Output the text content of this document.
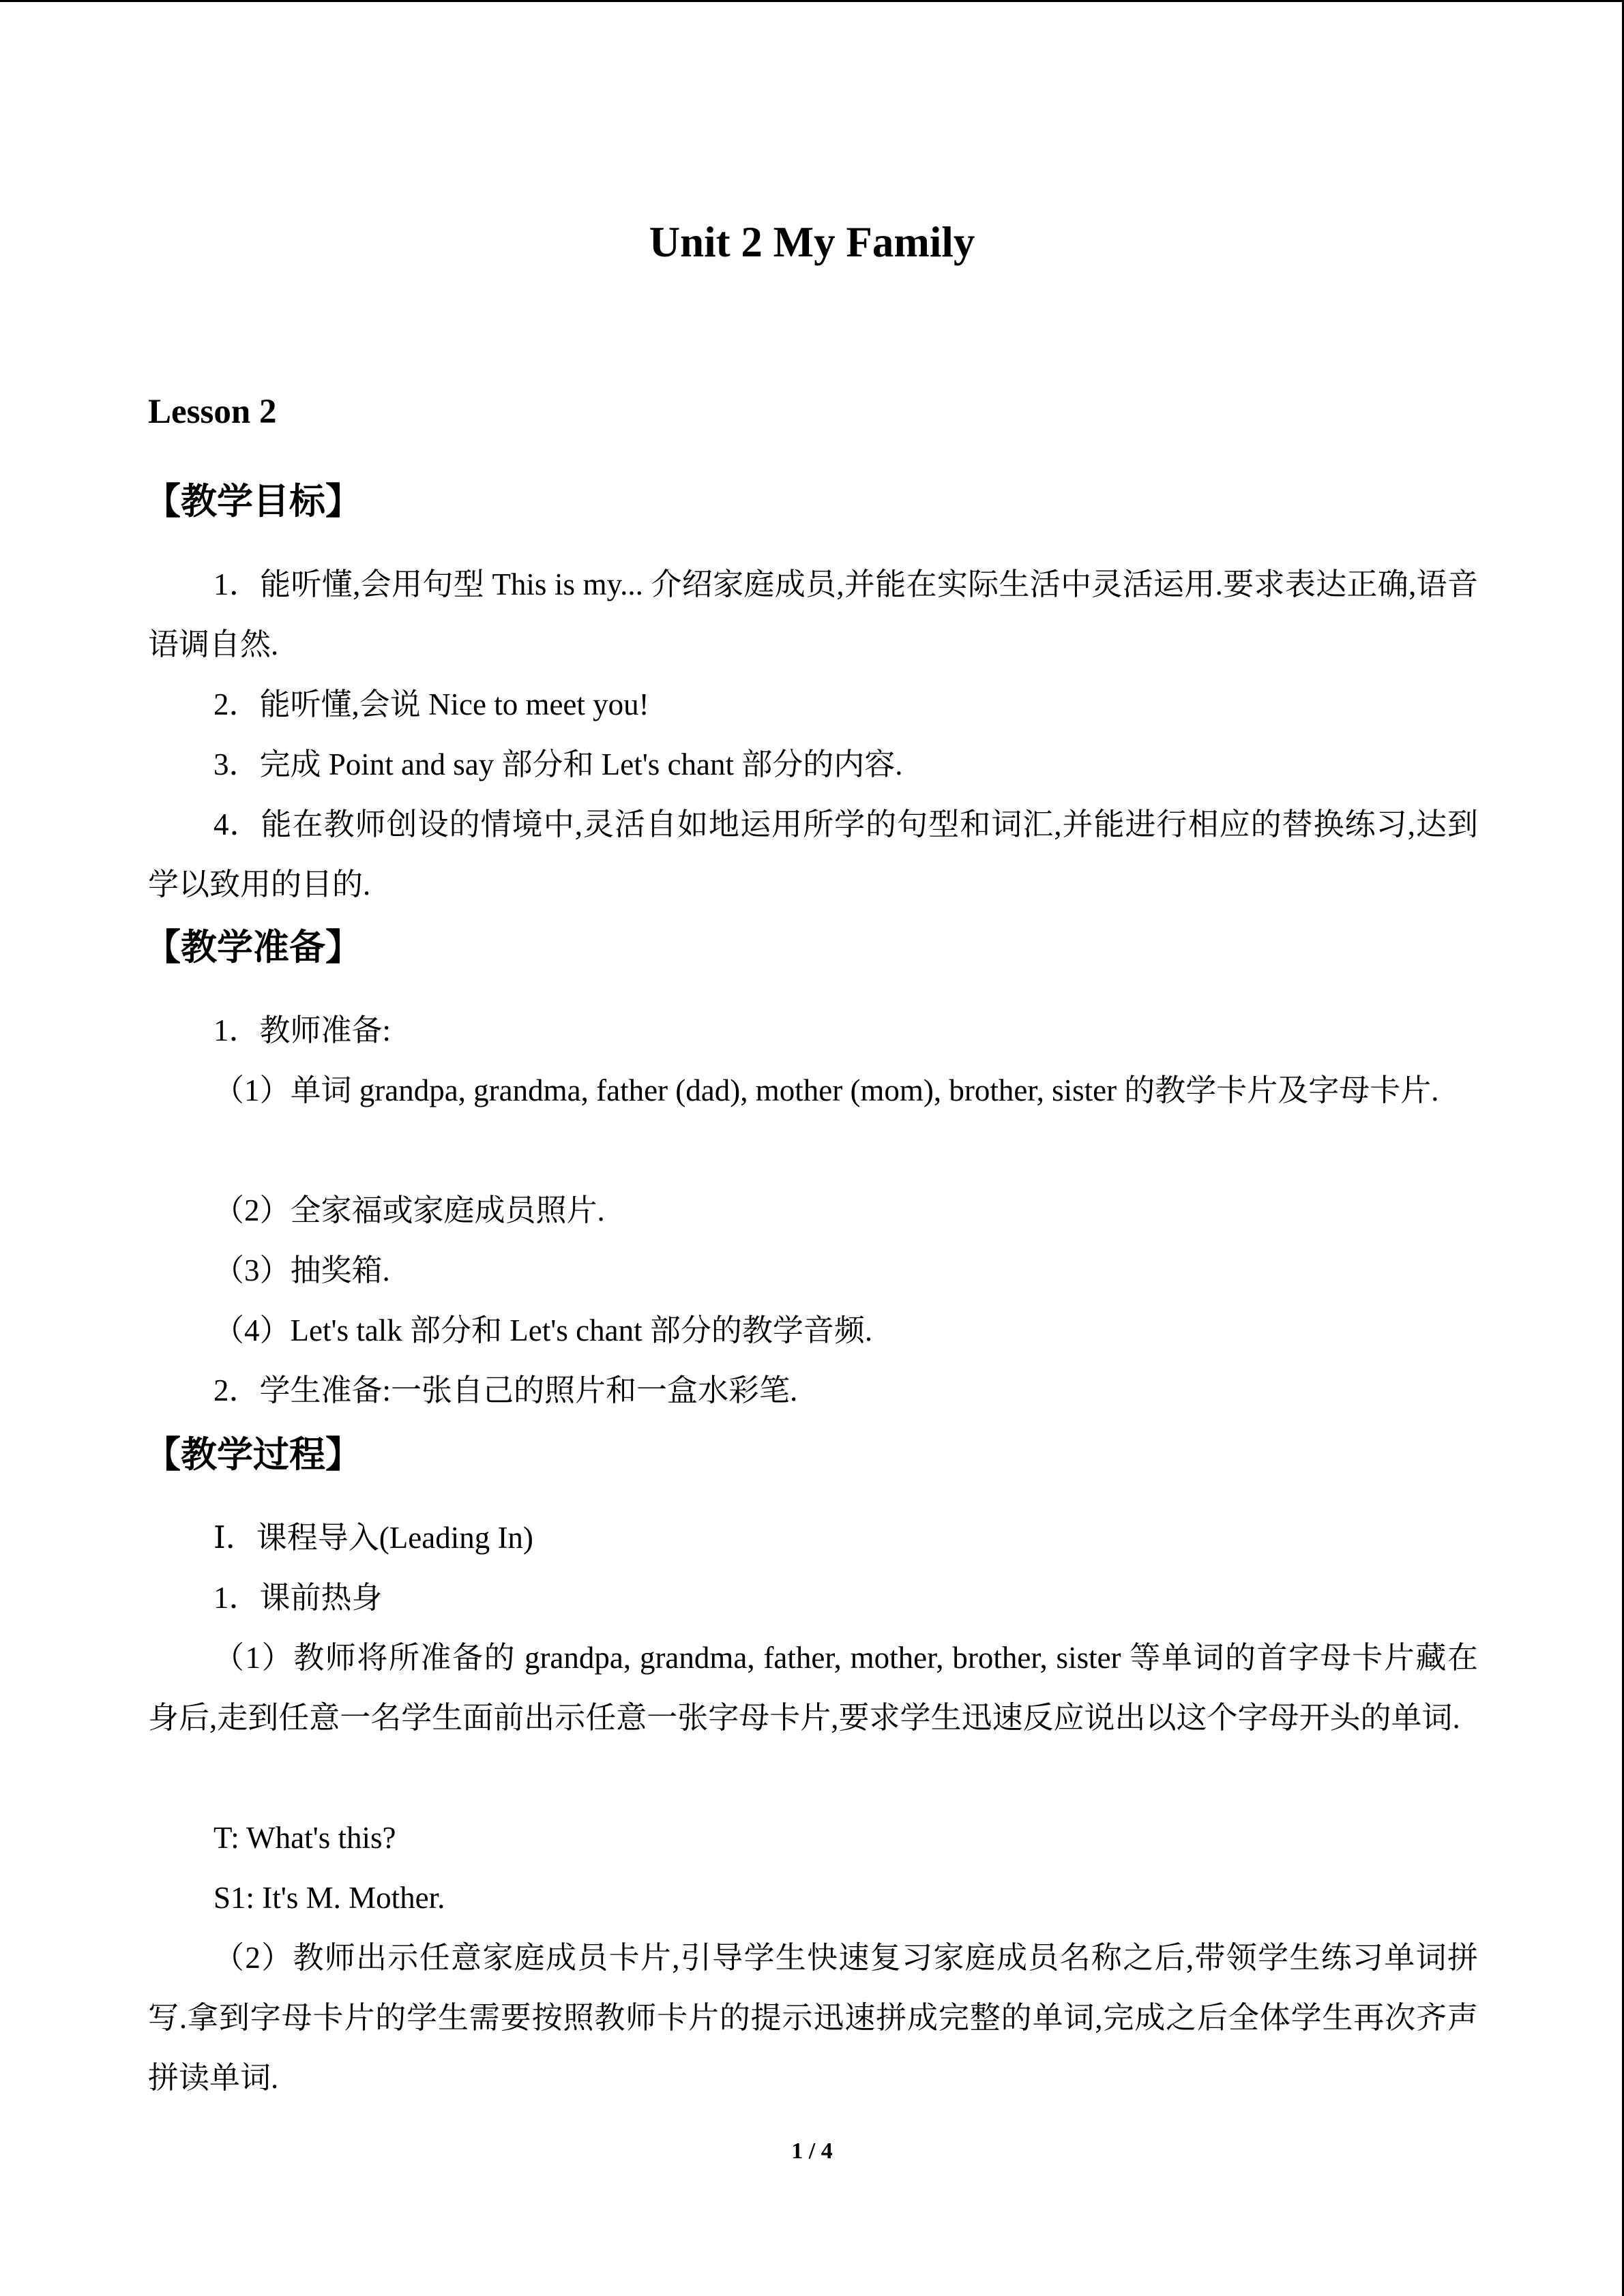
Unit 2 My Family
Lesson 2
【教学目标】
1．能听懂,会用句型 This is my... 介绍家庭成员,并能在实际生活中灵活运用.要求表达正确,语音语调自然.
2．能听懂,会说 Nice to meet you!
3．完成 Point and say 部分和 Let's chant 部分的内容.
4．能在教师创设的情境中,灵活自如地运用所学的句型和词汇,并能进行相应的替换练习,达到学以致用的目的.
【教学准备】
1．教师准备:
（1）单词 grandpa, grandma, father (dad), mother (mom), brother, sister 的教学卡片及字母卡片.
（2）全家福或家庭成员照片.
（3）抽奖箱.
（4）Let's talk 部分和 Let's chant 部分的教学音频.
2．学生准备:一张自己的照片和一盒水彩笔.
【教学过程】
Ⅰ．课程导入(Leading In)
1．课前热身
（1）教师将所准备的 grandpa, grandma, father, mother, brother, sister 等单词的首字母卡片藏在身后,走到任意一名学生面前出示任意一张字母卡片,要求学生迅速反应说出以这个字母开头的单词.
T: What's this?
S1: It's M. Mother.
（2）教师出示任意家庭成员卡片,引导学生快速复习家庭成员名称之后,带领学生练习单词拼写.拿到字母卡片的学生需要按照教师卡片的提示迅速拼成完整的单词,完成之后全体学生再次齐声拼读单词.
1 / 4
